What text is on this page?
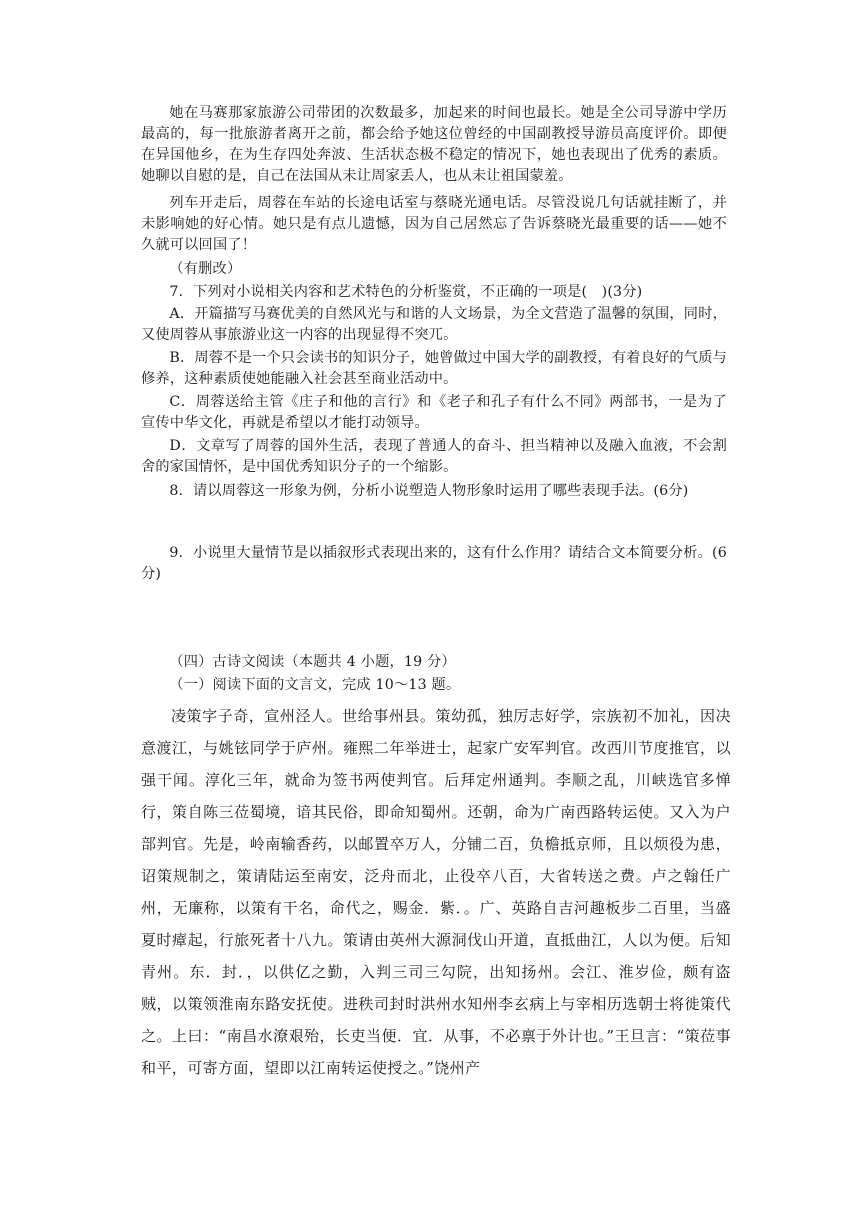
她在马赛那家旅游公司带团的次数最多，加起来的时间也最长。她是全公司导游中学历最高的，每一批旅游者离开之前，都会给予她这位曾经的中国副教授导游员高度评价。即便在异国他乡，在为生存四处奔波、生活状态极不稳定的情况下，她也表现出了优秀的素质。她聊以自慰的是，自己在法国从未让周家丢人，也从未让祖国蒙羞。

列车开走后，周蓉在车站的长途电话室与蔡晓光通电话。尽管没说几句话就挂断了，并未影响她的好心情。她只是有点儿遗憾，因为自己居然忘了告诉蔡晓光最重要的话——她不久就可以回国了！

（有删改）

7．下列对小说相关内容和艺术特色的分析鉴赏，不正确的一项是(　)(3分)

A．开篇描写马赛优美的自然风光与和谐的人文场景，为全文营造了温馨的氛围，同时，又使周蓉从事旅游业这一内容的出现显得不突兀。

B．周蓉不是一个只会读书的知识分子，她曾做过中国大学的副教授，有着良好的气质与修养，这种素质使她能融入社会甚至商业活动中。

C．周蓉送给主管《庄子和他的言行》和《老子和孔子有什么不同》两部书，一是为了宣传中华文化，再就是希望以才能打动领导。

D．文章写了周蓉的国外生活，表现了普通人的奋斗、担当精神以及融入血液，不会割舍的家国情怀，是中国优秀知识分子的一个缩影。

8．请以周蓉这一形象为例，分析小说塑造人物形象时运用了哪些表现手法。(6分)

9．小说里大量情节是以插叙形式表现出来的，这有什么作用？请结合文本简要分析。(6分)

（四）古诗文阅读（本题共 4 小题，19 分）

（一）阅读下面的文言文，完成 10～13 题。

凌策字子奇，宣州泾人。世给事州县。策幼孤，独厉志好学，宗族初不加礼，因决意渡江，与姚铉同学于庐州。雍熙二年举进士，起家广安军判官。改西川节度推官，以强干闻。淳化三年，就命为签书两使判官。后拜定州通判。李顺之乱，川峡选官多惮行，策自陈三莅蜀境，谙其民俗，即命知蜀州。还朝，命为广南西路转运使。又入为户部判官。先是，岭南输香药，以邮置卒万人，分铺二百，负檐抵京师，且以烦役为患，诏策规制之，策请陆运至南安，泛舟而北，止役卒八百，大省转送之费。卢之翰任广州，无廉称，以策有干名，命代之，赐金．紫．。广、英路自吉河趣板步二百里，当盛夏时瘴起，行旅死者十八九。策请由英州大源洞伐山开道，直抵曲江，人以为便。后知青州。东．封．，以供亿之勤，入判三司三勾院，出知扬州。会江、淮岁俭，颇有盗贼，以策领淮南东路安抚使。进秩司封时洪州水知州李玄病上与宰相历选朝士将徙策代之。上曰：“南昌水潦艰殆，长吏当便．宜．从事，不必禀于外计也。”王旦言：“策莅事和平，可寄方面，望即以江南转运使授之。”饶州产
